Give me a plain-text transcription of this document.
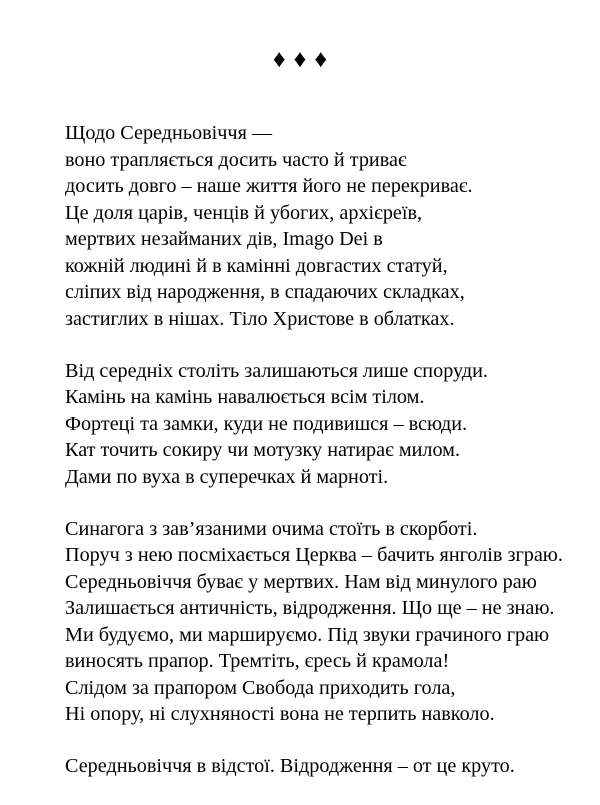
♦♦♦
Щодо Середньовіччя —
воно трапляється досить часто й триває
досить довго – наше життя його не перекриває.
Це доля царів, ченців й убогих, архієреїв,
мертвих незайманих дів, Imago Dei в
кожній людині й в камінні довгастих статуй,
сліпих від народження, в спадаючих складках,
застиглих в нішах. Тіло Христове в облатках.
Від середніх століть залишаються лише споруди.
Камінь на камінь навалюється всім тілом.
Фортеці та замки, куди не подивишся – всюди.
Кат точить сокиру чи мотузку натирає милом.
Дами по вуха в суперечках й марноті.
Синагога з зав’язаними очима стоїть в скорботі.
Поруч з нею посміхається Церква – бачить янголів зграю.
Середньовіччя буває у мертвих. Нам від минулого раю
Залишається античність, відродження. Що ще – не знаю.
Ми будуємо, ми маршируємо. Під звуки грачиного граю
виносять прапор. Тремтіть, єресь й крамола!
Слідом за прапором Свобода приходить гола,
Ні опору, ні слухняності вона не терпить навколо.
Середньовіччя в відстої. Відродження – от це круто.
